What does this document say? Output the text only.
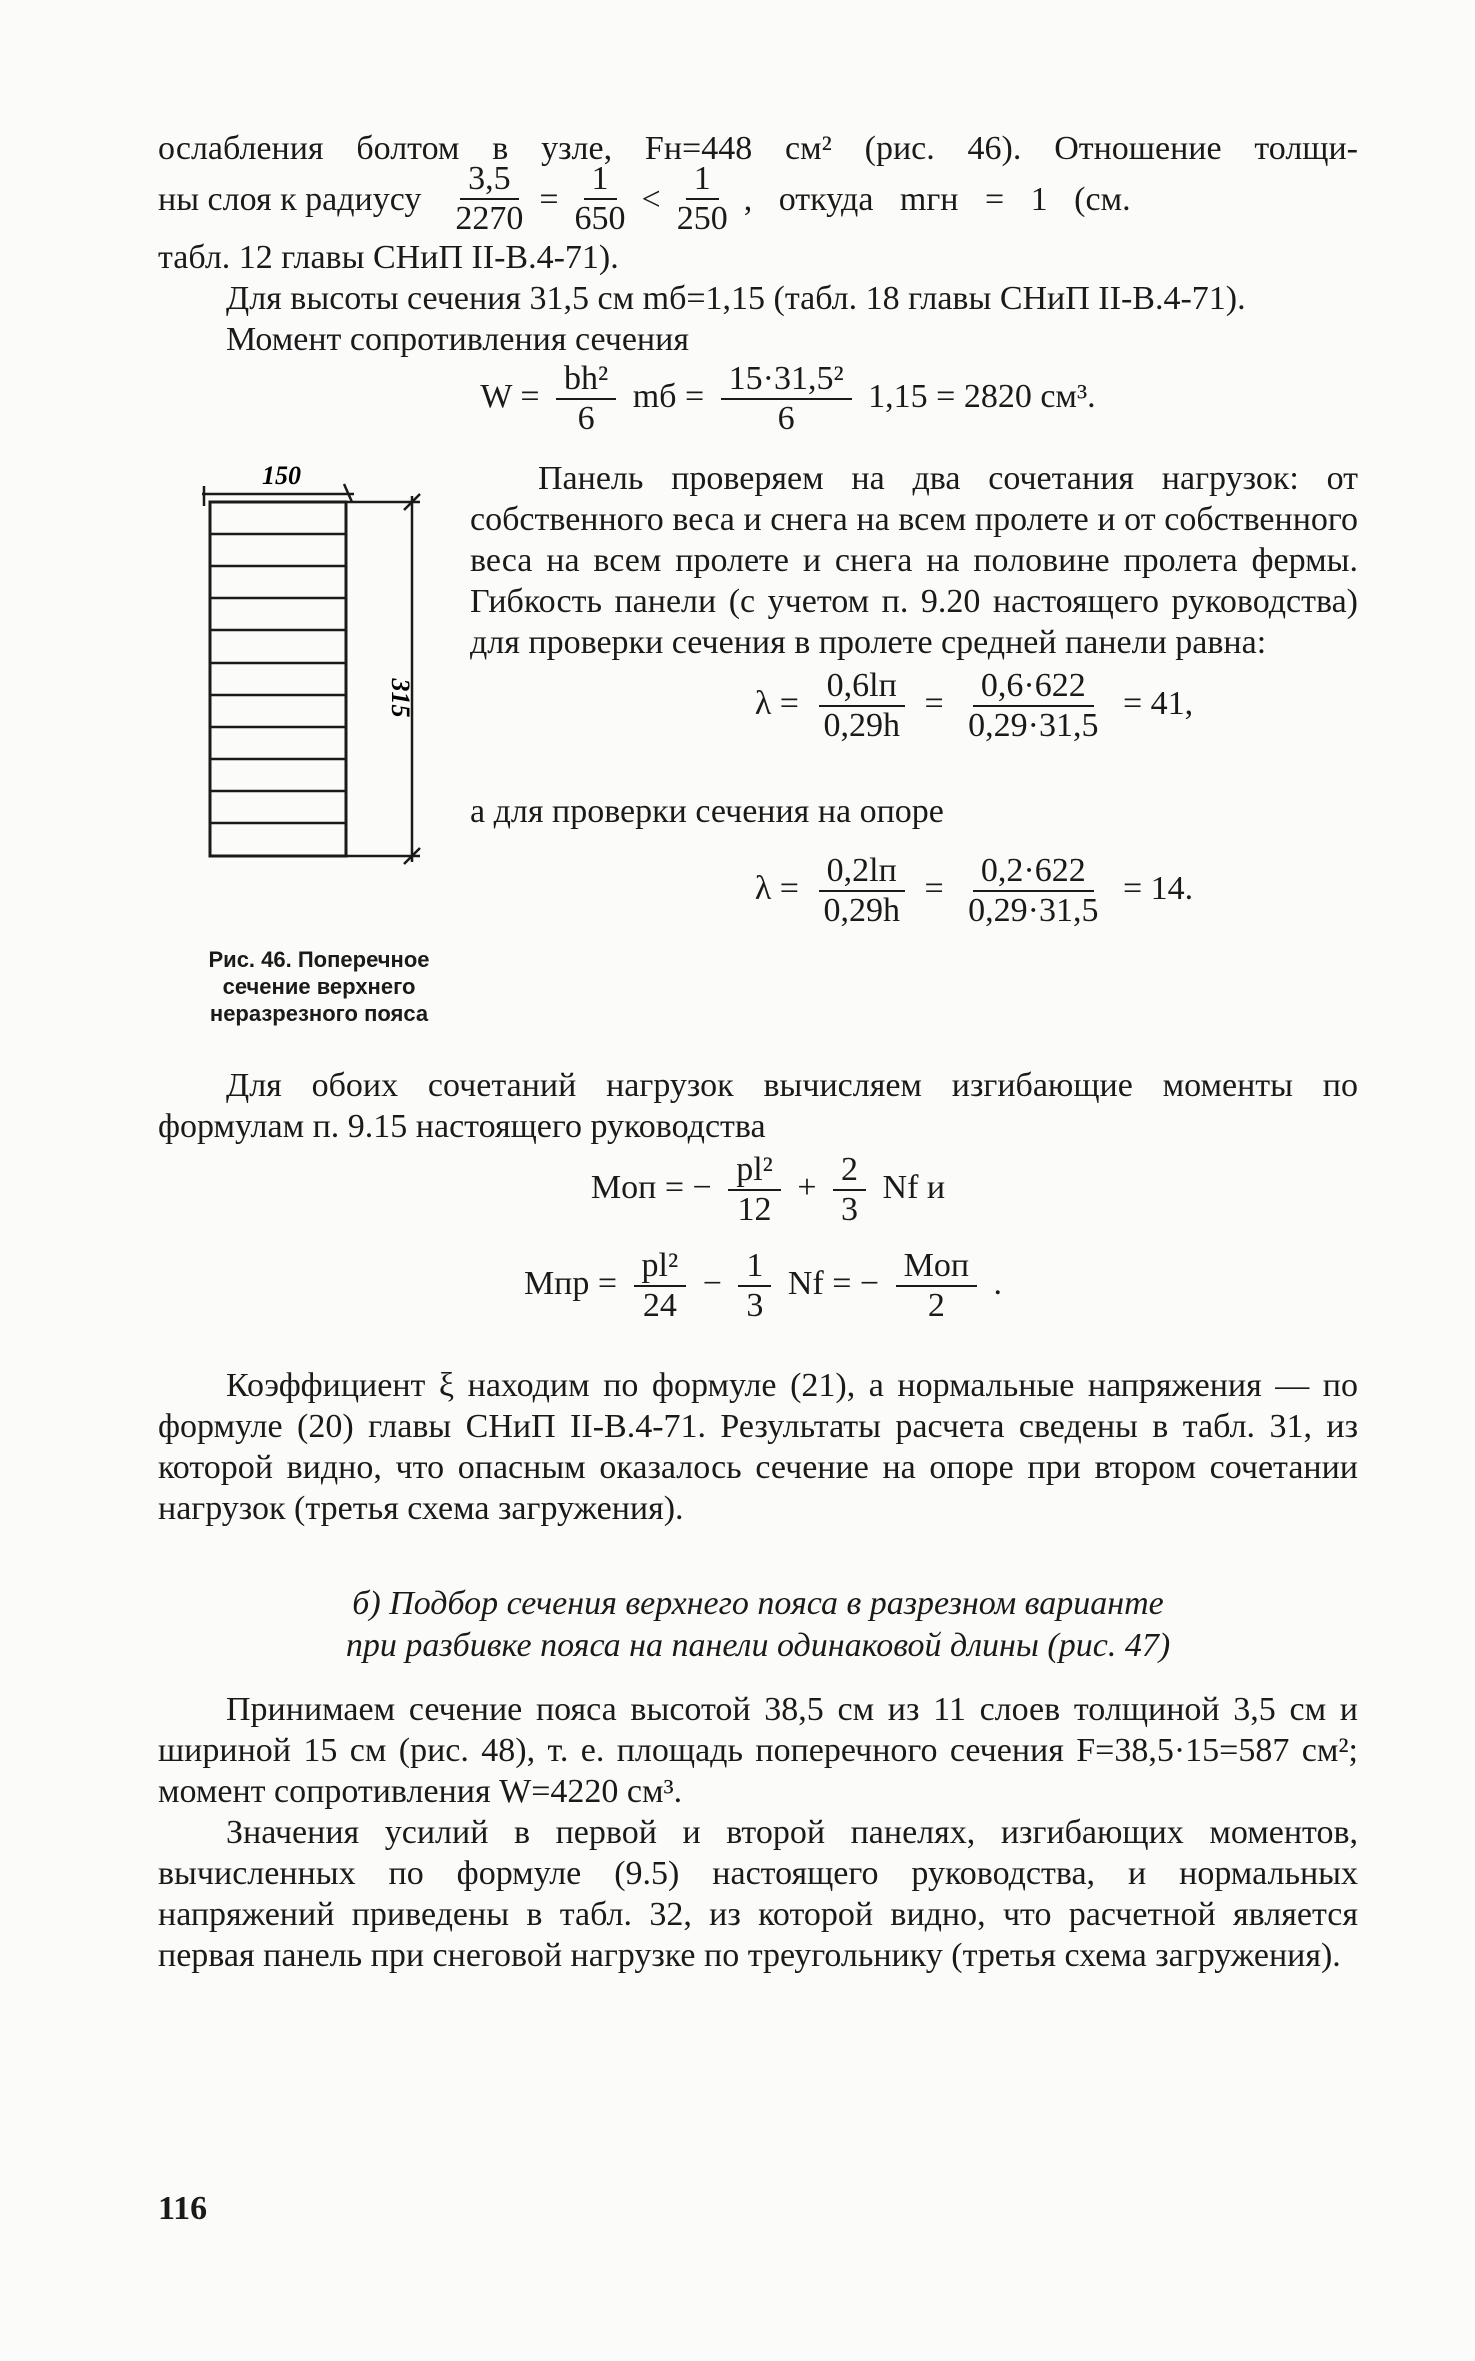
ослабления болтом в узле, Fн=448 см² (рис. 46). Отношение толщи-

ны слоя к радиусу $\frac{3,5}{2270} = \frac{1}{650} < \frac{1}{250}$ , откуда mгн = 1 (см.

табл. 12 главы СНиП II-В.4-71).

Для высоты сечения 31,5 см mб=1,15 (табл. 18 главы СНиП II-В.4-71).

Момент сопротивления сечения

$W = \frac{\text{bh²}}{6}$ mб = $\frac{\text{15·31,5²}}{6} 1,15 = 2820$ см³.
150
315
Рис. 46. Поперечное сечение верхнего неразрезного пояса

Панель проверяем на два сочетания нагрузок: от собственного веса и снега на всем пролете и от собственного веса на всем пролете и снега на половине пролета фермы. Гибкость панели (с учетом п. 9.20 настоящего руководства) для проверки сечения в пролете средней панели равна:

$\lambda = \frac{0,6lп}{0,29h} = \frac{0,6\cdot 622}{0,29\cdot 31,5} = 41$,

а для проверки сечения на опоре

$\lambda = \frac{0,2lп}{0,29h} = \frac{0,2\cdot 622}{0,29\cdot 31,5} = 14$.

Для обоих сочетаний нагрузок вычисляем изгибающие моменты по формулам п. 9.15 настоящего руководства

Mоп = − $\frac{\text{pl²}}{12} + \frac{2}{3}$ Nf и
Mпр = $\frac{\text{pl²}}{24} - \frac{1}{3}$ Nf = − $\frac{\text{Mоп}}{2}$ .

Коэффициент ξ находим по формуле (21), а нормальные напряжения — по формуле (20) главы СНиП II-В.4-71. Результаты расчета сведены в табл. 31, из которой видно, что опасным оказалось сечение на опоре при втором сочетании нагрузок (третья схема загружения).

б) Подбор сечения верхнего пояса в разрезном варианте
при разбивке пояса на панели одинаковой длины (рис. 47)

Принимаем сечение пояса высотой 38,5 см из 11 слоев толщиной 3,5 см и шириной 15 см (рис. 48), т. е. площадь поперечного сечения F=38,5·15=587 см²; момент сопротивления W=4220 см³.

Значения усилий в первой и второй панелях, изгибающих моментов, вычисленных по формуле (9.5) настоящего руководства, и нормальных напряжений приведены в табл. 32, из которой видно, что расчетной является первая панель при снеговой нагрузке по треугольнику (третья схема загружения).

116
